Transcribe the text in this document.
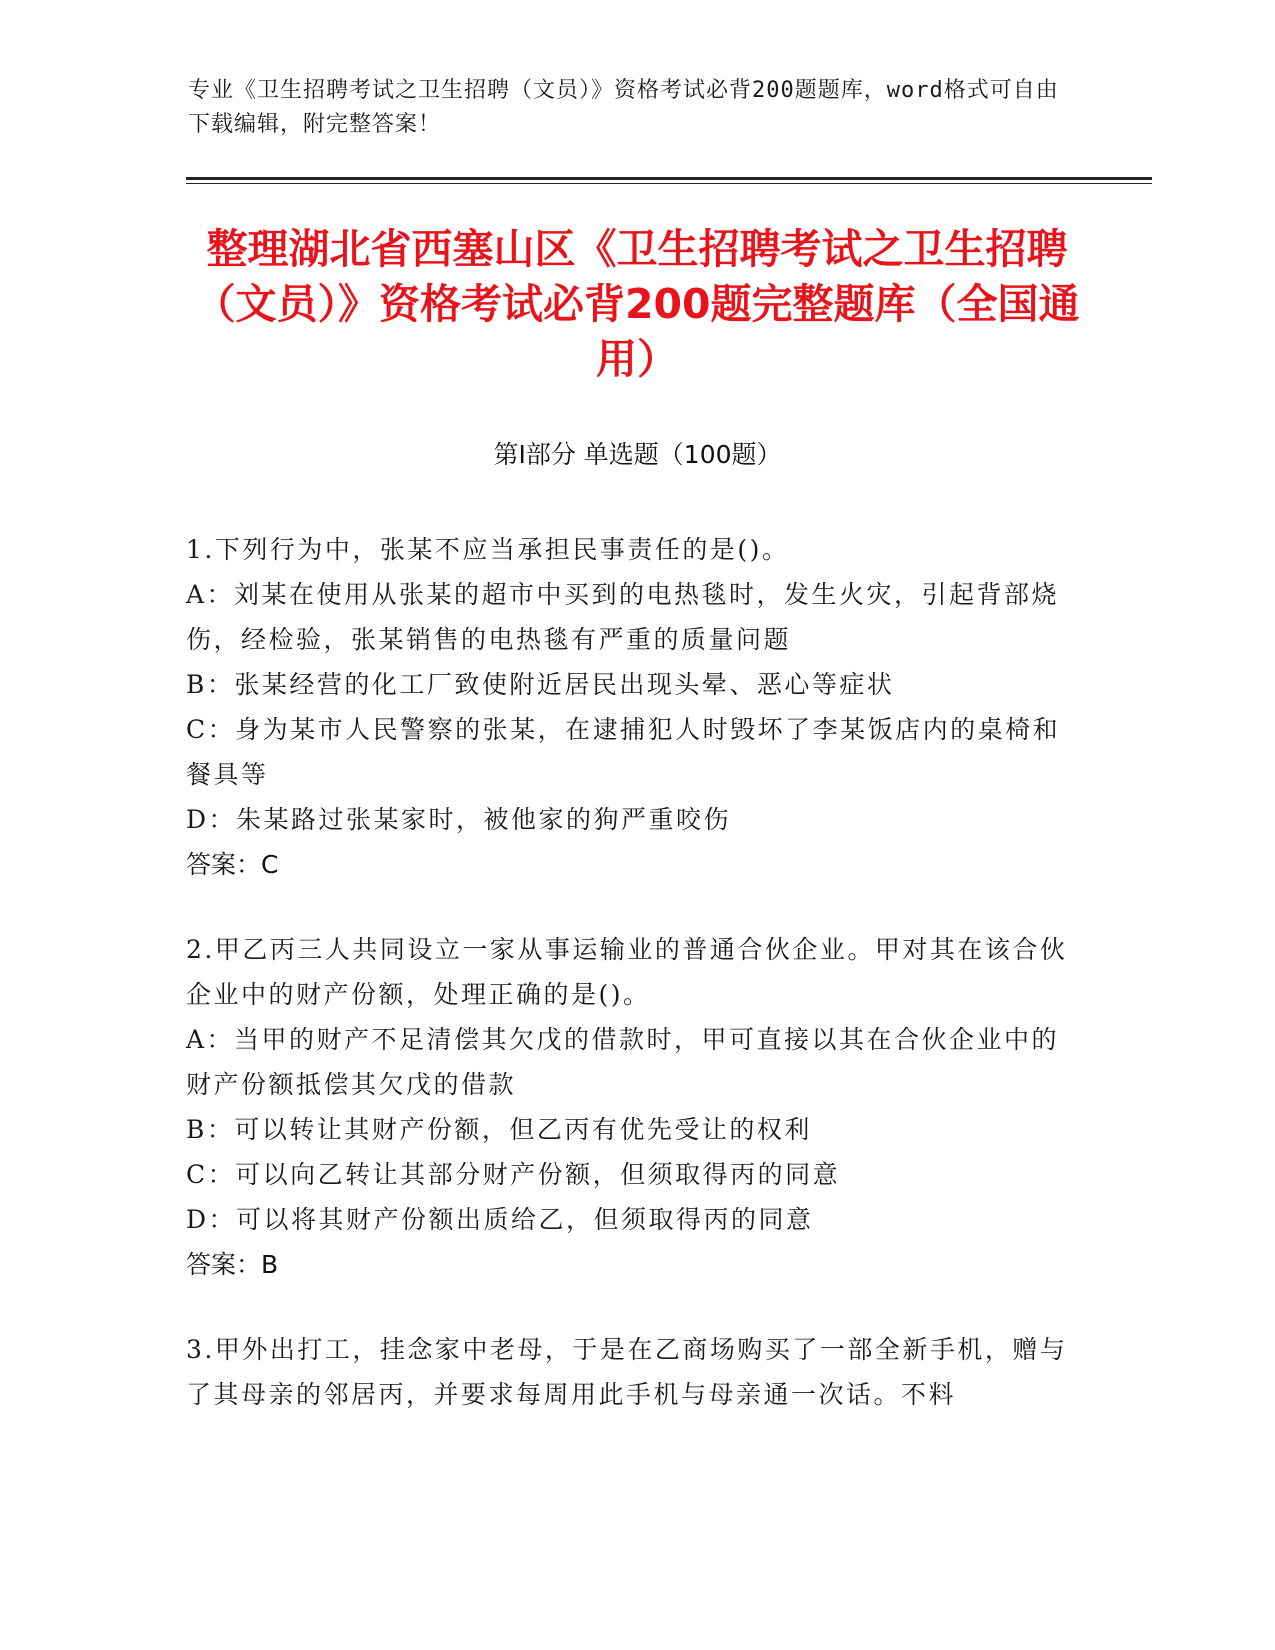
专业《卫生招聘考试之卫生招聘（文员）》资格考试必背200题题库，word格式可自由下载编辑，附完整答案！
整理湖北省西塞山区《卫生招聘考试之卫生招聘（文员）》资格考试必背200题完整题库（全国通用）
第Ⅰ部分 单选题（100题）

1.下列行为中，张某不应当承担民事责任的是()。

A：刘某在使用从张某的超市中买到的电热毯时，发生火灾，引起背部烧伤，经检验，张某销售的电热毯有严重的质量问题

B：张某经营的化工厂致使附近居民出现头晕、恶心等症状

C：身为某市人民警察的张某，在逮捕犯人时毁坏了李某饭店内的桌椅和餐具等

D：朱某路过张某家时，被他家的狗严重咬伤

答案：C

2.甲乙丙三人共同设立一家从事运输业的普通合伙企业。甲对其在该合伙企业中的财产份额，处理正确的是()。

A：当甲的财产不足清偿其欠戊的借款时，甲可直接以其在合伙企业中的财产份额抵偿其欠戊的借款

B：可以转让其财产份额，但乙丙有优先受让的权利

C：可以向乙转让其部分财产份额，但须取得丙的同意

D：可以将其财产份额出质给乙，但须取得丙的同意

答案：B

3.甲外出打工，挂念家中老母，于是在乙商场购买了一部全新手机，赠与了其母亲的邻居丙，并要求每周用此手机与母亲通一次话。不料
